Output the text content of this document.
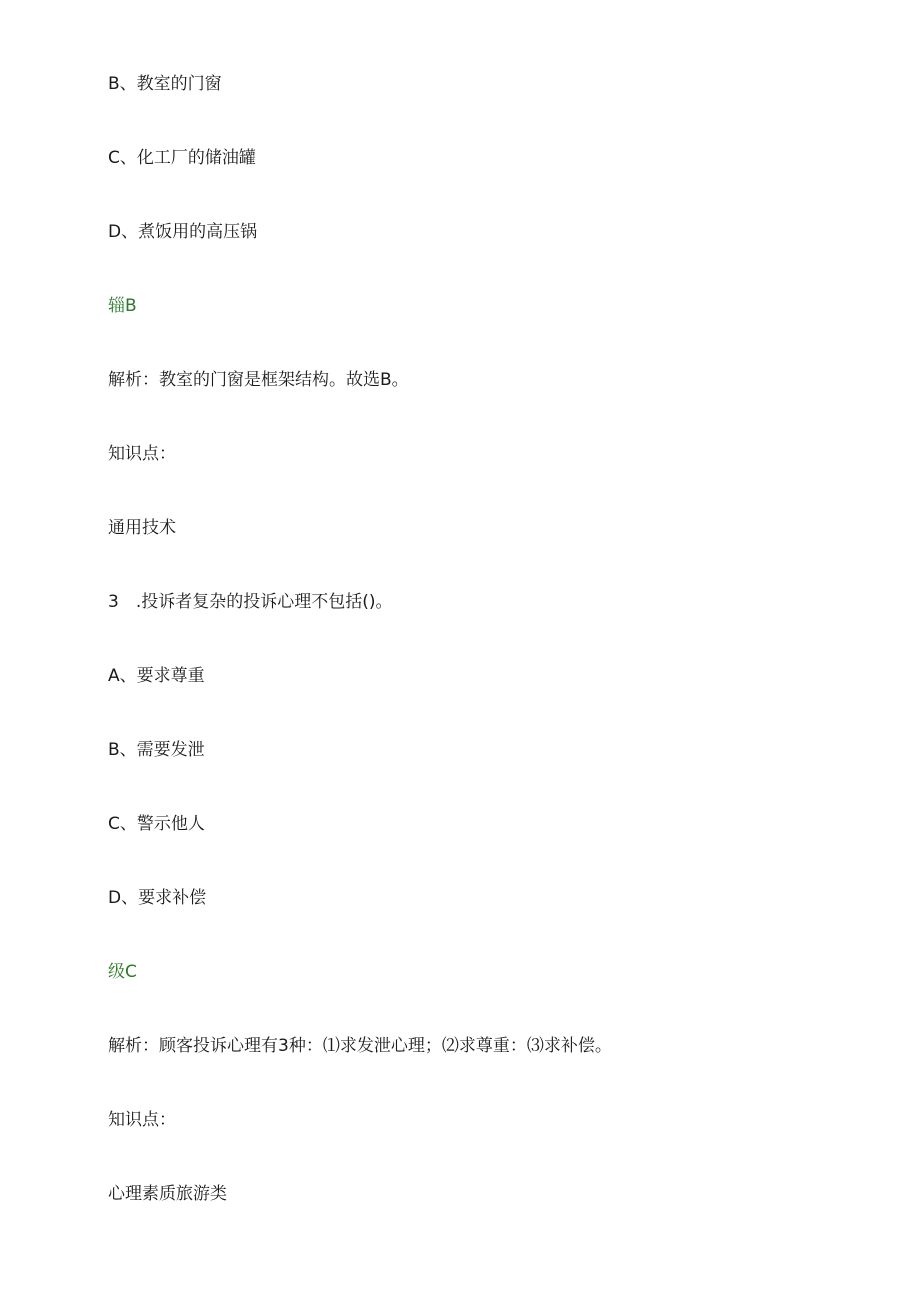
B、教室的门窗
C、化工厂的储油罐
D、煮饭用的高压锅
辎B
解析：教室的门窗是框架结构。故选B。
知识点：
通用技术
3　.投诉者复杂的投诉心理不包括()。
A、要求尊重
B、需要发泄
C、警示他人
D、要求补偿
级C
解析：顾客投诉心理有3种：⑴求发泄心理；⑵求尊重：⑶求补偿。
知识点：
心理素质旅游类
